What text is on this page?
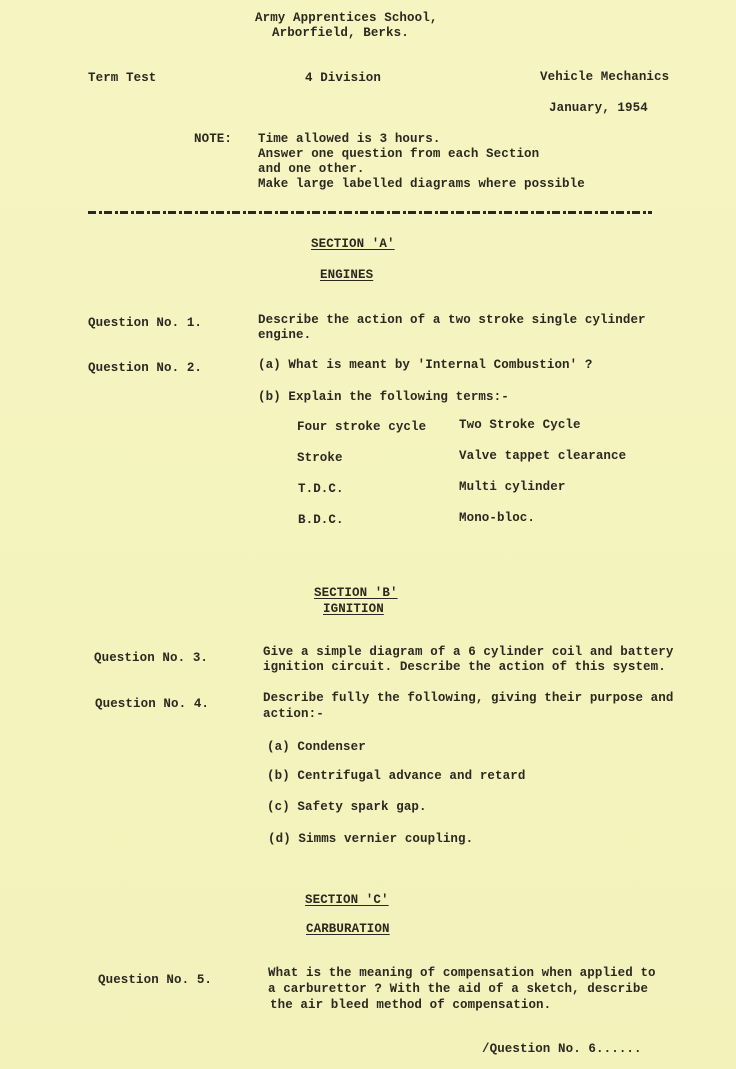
Army Apprentices School,
Arborfield, Berks.
Term Test	4 Division	Vehicle Mechanics
January, 1954
NOTE: Time allowed is 3 hours.
Answer one question from each Section
and one other.
Make large labelled diagrams where possible
SECTION 'A'
ENGINES
Question No. 1.	Describe the action of a two stroke single cylinder
engine.
Question No. 2.	(a) What is meant by 'Internal Combustion' ?
(b) Explain the following terms:-
Four stroke cycle	Two Stroke Cycle
Stroke	Valve tappet clearance
T.D.C.	Multi cylinder
B.D.C.	Mono-bloc.
SECTION 'B'
IGNITION
Question No. 3.	Give a simple diagram of a 6 cylinder coil and battery
ignition circuit. Describe the action of this system.
Question No. 4.	Describe fully the following, giving their purpose and
action:-
(a) Condenser
(b) Centrifugal advance and retard
(c) Safety spark gap.
(d) Simms vernier coupling.
SECTION 'C'
CARBURATION
Question No. 5.	What is the meaning of compensation when applied to
a carburettor ? With the aid of a sketch, describe
the air bleed method of compensation.
/Question No. 6......
